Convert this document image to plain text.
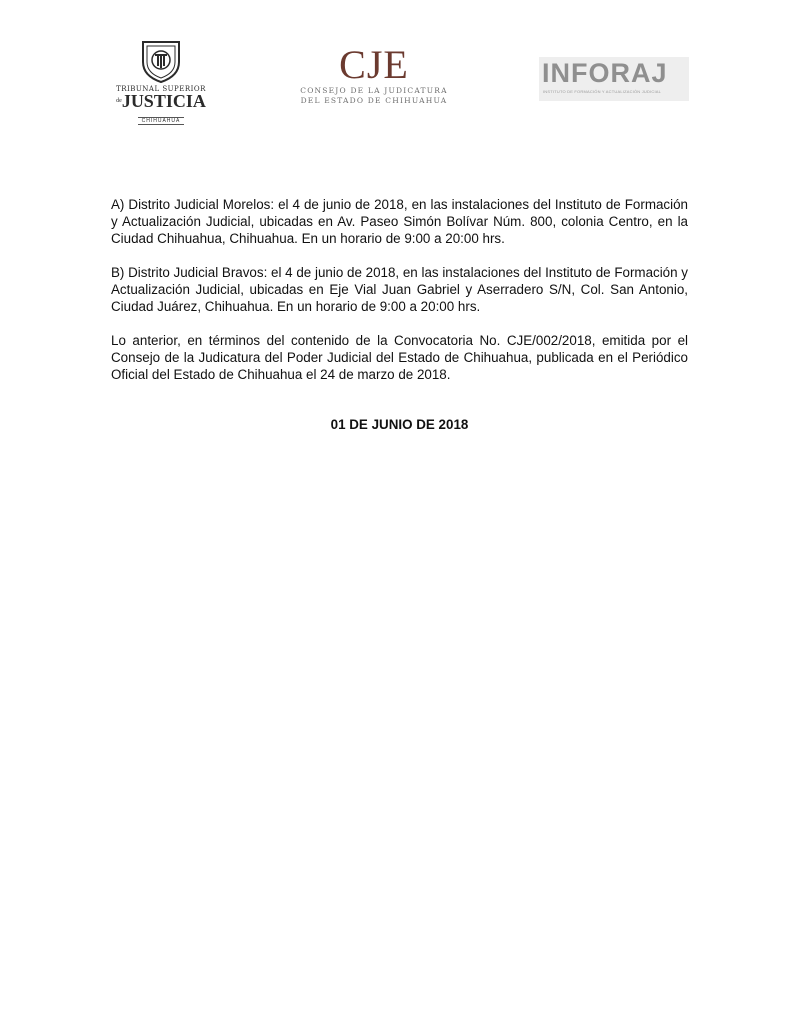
TRIBUNAL SUPERIOR
$^{de}$JUSTICIA
CHIHUAHUA
CJE
CONSEJO DE LA JUDICATURA
DEL ESTADO DE CHIHUAHUA
INFORAJ
INSTITUTO DE FORMACIÓN Y ACTUALIZACIÓN JUDICIAL

A) Distrito Judicial Morelos: el 4 de junio de 2018, en las instalaciones del Instituto de Formación y Actualización Judicial, ubicadas en Av. Paseo Simón Bolívar Núm. 800, colonia Centro, en la Ciudad Chihuahua, Chihuahua. En un horario de 9:00 a 20:00 hrs.

B) Distrito Judicial Bravos: el 4 de junio de 2018, en las instalaciones del Instituto de Formación y Actualización Judicial, ubicadas en Eje Vial Juan Gabriel y Aserradero S/N, Col. San Antonio, Ciudad Juárez, Chihuahua. En un horario de 9:00 a 20:00 hrs.

Lo anterior, en términos del contenido de la Convocatoria No. CJE/002/2018, emitida por el Consejo de la Judicatura del Poder Judicial del Estado de Chihuahua, publicada en el Periódico Oficial del Estado de Chihuahua el 24 de marzo de 2018.

01 DE JUNIO DE 2018
